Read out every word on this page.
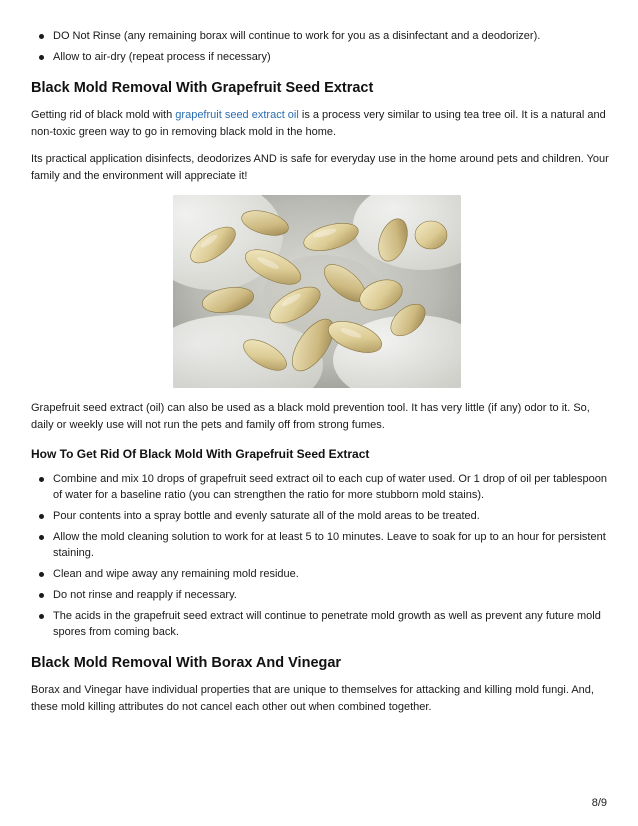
DO Not Rinse (any remaining borax will continue to work for you as a disinfectant and a deodorizer).
Allow to air-dry (repeat process if necessary)
Black Mold Removal With Grapefruit Seed Extract

Getting rid of black mold with grapefruit seed extract oil is a process very similar to using tea tree oil. It is a natural and non-toxic green way to go in removing black mold in the home.

Its practical application disinfects, deodorizes AND is safe for everyday use in the home around pets and children. Your family and the environment will appreciate it!

Grapefruit seed extract (oil) can also be used as a black mold prevention tool. It has very little (if any) odor to it. So, daily or weekly use will not run the pets and family off from strong fumes.

How To Get Rid Of Black Mold With Grapefruit Seed Extract
Combine and mix 10 drops of grapefruit seed extract oil to each cup of water used. Or 1 drop of oil per tablespoon of water for a baseline ratio (you can strengthen the ratio for more stubborn mold stains).
Pour contents into a spray bottle and evenly saturate all of the mold areas to be treated.
Allow the mold cleaning solution to work for at least 5 to 10 minutes. Leave to soak for up to an hour for persistent staining.
Clean and wipe away any remaining mold residue.
Do not rinse and reapply if necessary.
The acids in the grapefruit seed extract will continue to penetrate mold growth as well as prevent any future mold spores from coming back.
Black Mold Removal With Borax And Vinegar

Borax and Vinegar have individual properties that are unique to themselves for attacking and killing mold fungi. And, these mold killing attributes do not cancel each other out when combined together.

8/9
